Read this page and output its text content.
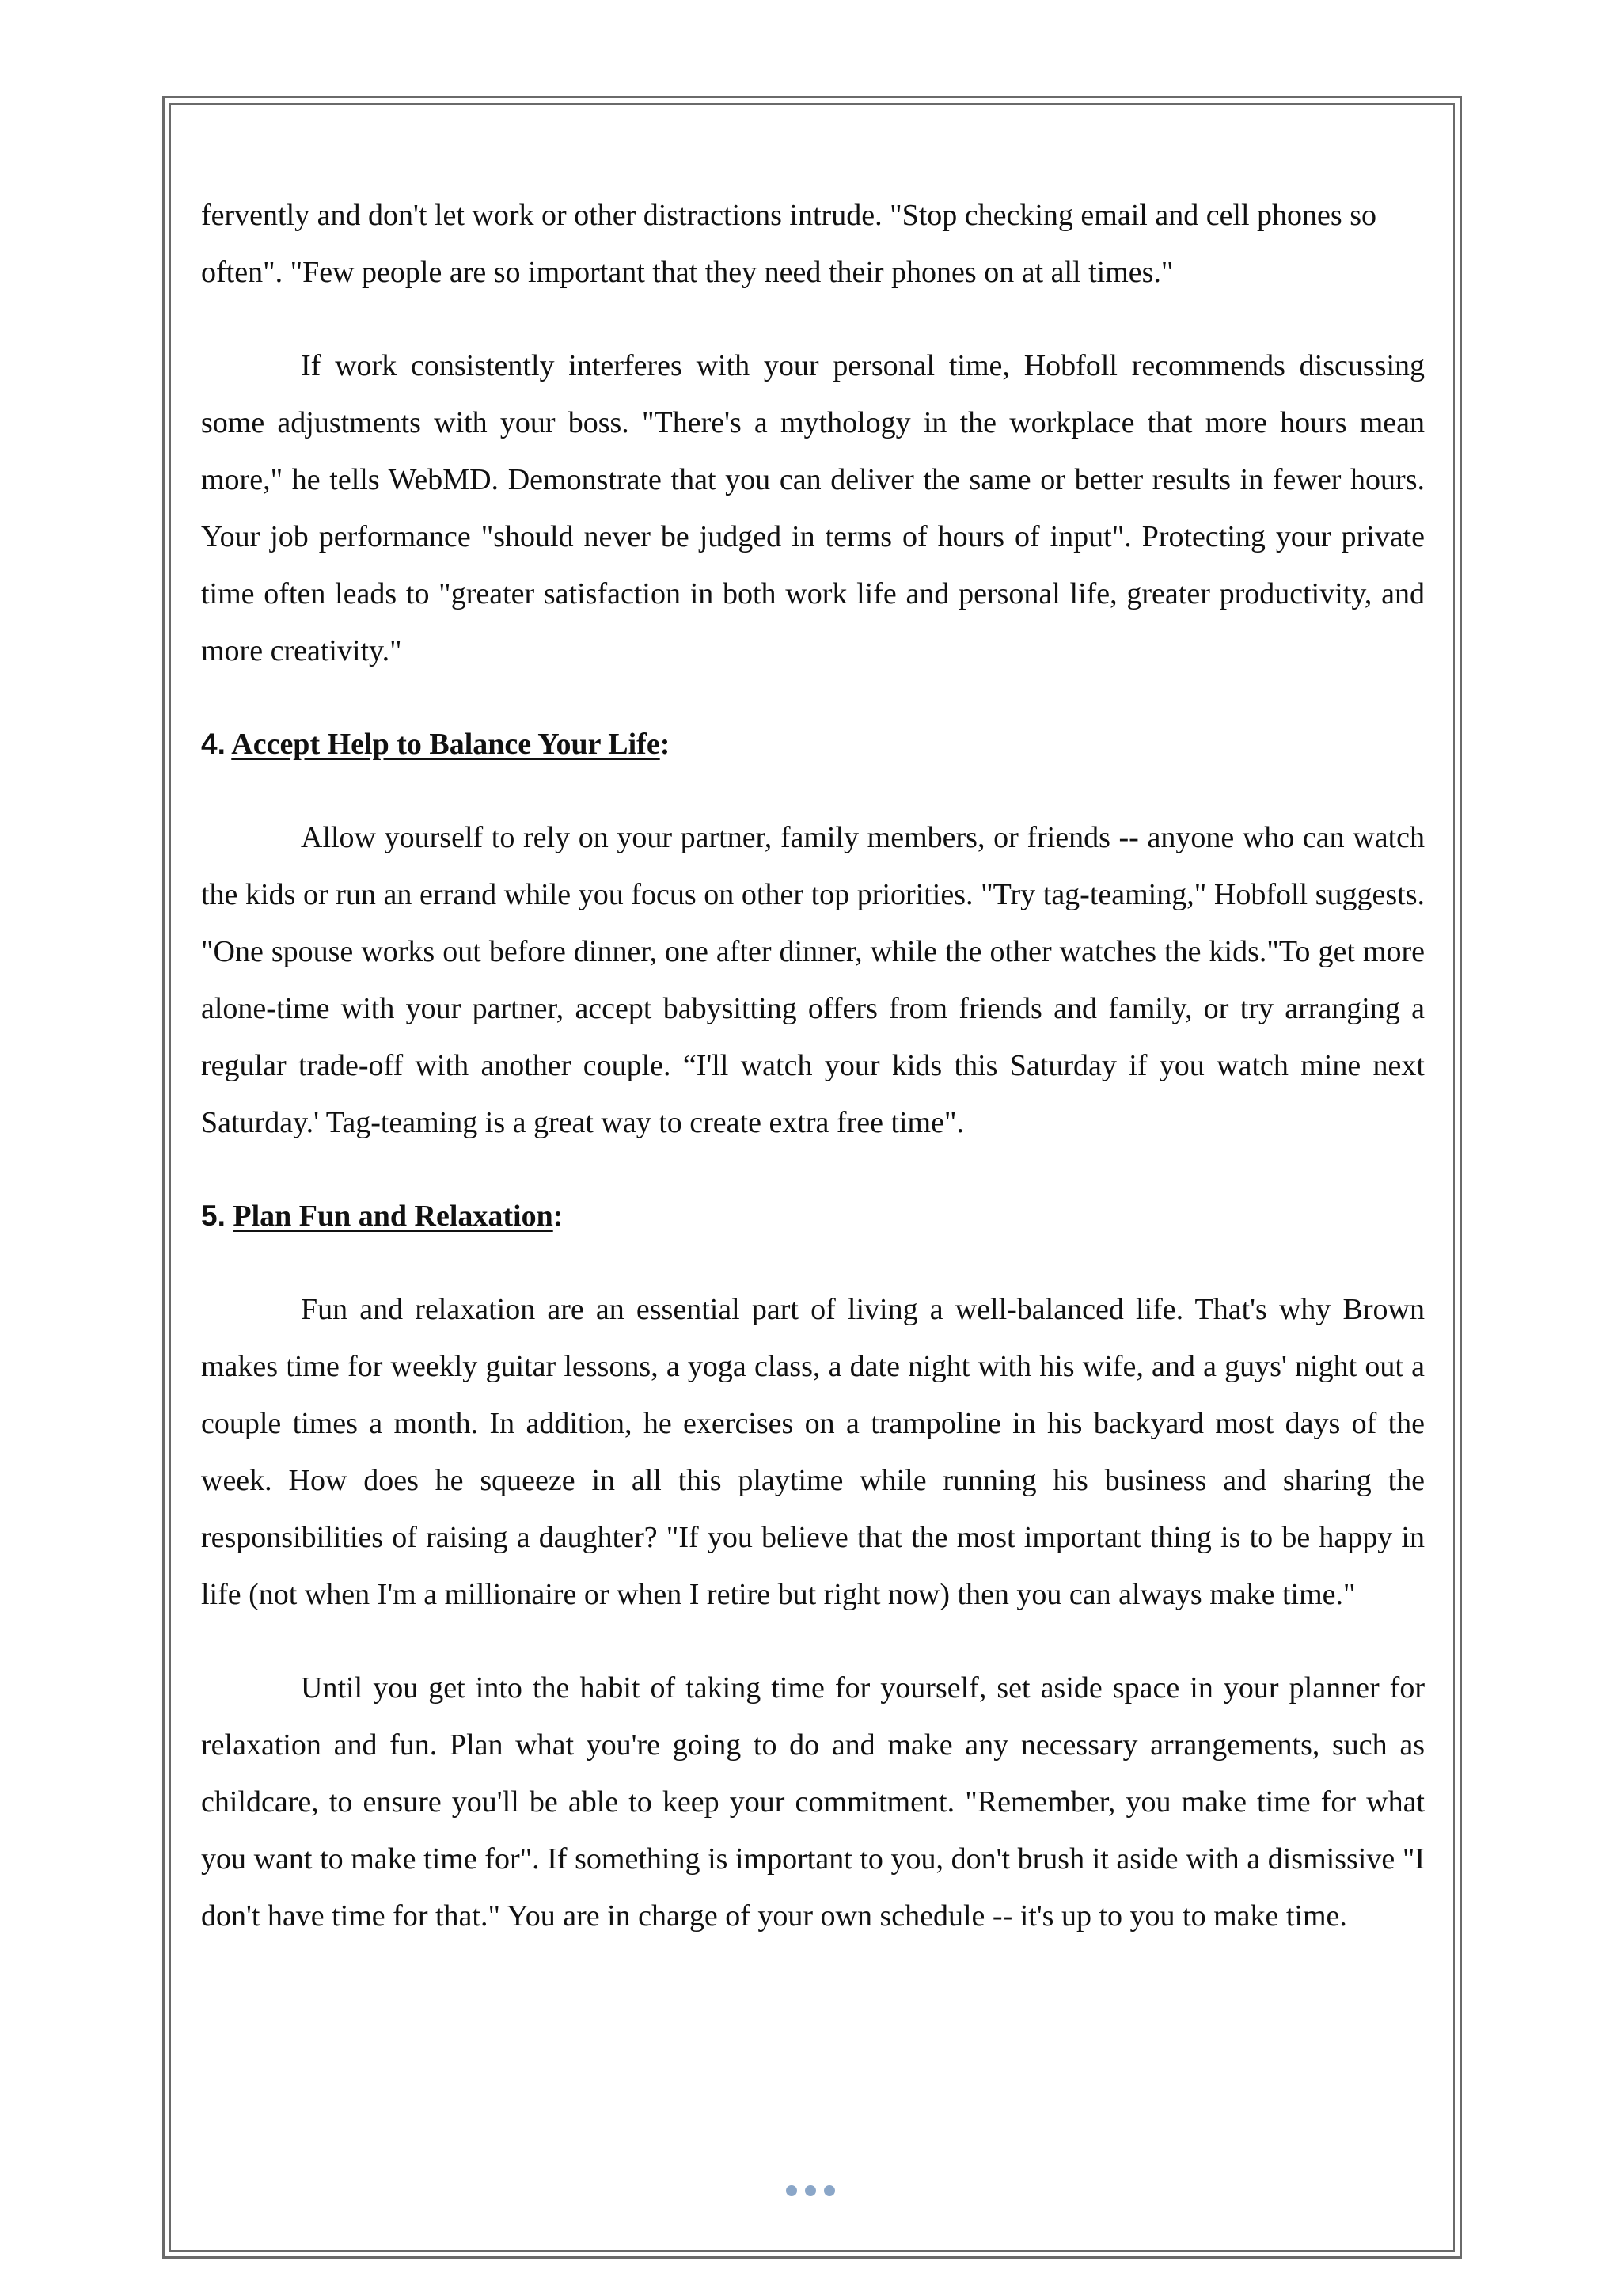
fervently and don't let work or other distractions intrude. "Stop checking email and cell phones so often". "Few people are so important that they need their phones on at all times."

If work consistently interferes with your personal time, Hobfoll recommends discussing some adjustments with your boss. "There's a mythology in the workplace that more hours mean more," he tells WebMD. Demonstrate that you can deliver the same or better results in fewer hours. Your job performance "should never be judged in terms of hours of input". Protecting your private time often leads to "greater satisfaction in both work life and personal life, greater productivity, and more creativity."

4. Accept Help to Balance Your Life:

Allow yourself to rely on your partner, family members, or friends -- anyone who can watch the kids or run an errand while you focus on other top priorities. "Try tag-teaming," Hobfoll suggests. "One spouse works out before dinner, one after dinner, while the other watches the kids."To get more alone-time with your partner, accept babysitting offers from friends and family, or try arranging a regular trade-off with another couple. “I'll watch your kids this Saturday if you watch mine next Saturday.' Tag-teaming is a great way to create extra free time".

5. Plan Fun and Relaxation:

Fun and relaxation are an essential part of living a well-balanced life. That's why Brown makes time for weekly guitar lessons, a yoga class, a date night with his wife, and a guys' night out a couple times a month. In addition, he exercises on a trampoline in his backyard most days of the week. How does he squeeze in all this playtime while running his business and sharing the responsibilities of raising a daughter? "If you believe that the most important thing is to be happy in life (not when I'm a millionaire or when I retire but right now) then you can always make time."

Until you get into the habit of taking time for yourself, set aside space in your planner for relaxation and fun. Plan what you're going to do and make any necessary arrangements, such as childcare, to ensure you'll be able to keep your commitment. "Remember, you make time for what you want to make time for". If something is important to you, don't brush it aside with a dismissive "I don't have time for that." You are in charge of your own schedule -- it's up to you to make time.
